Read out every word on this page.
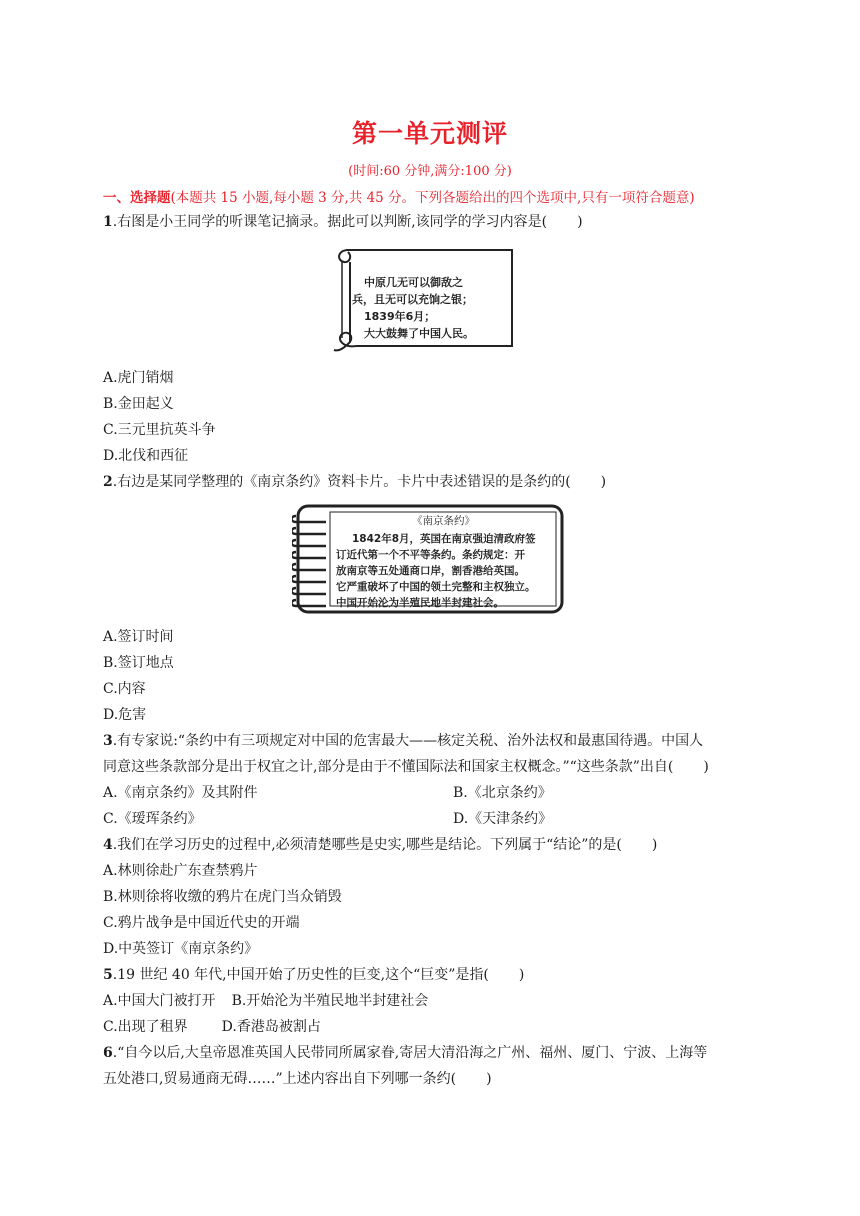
第一单元测评
(时间:60 分钟,满分:100 分)
一、选择题(本题共 15 小题,每小题 3 分,共 45 分。下列各题给出的四个选项中,只有一项符合题意)
1.右图是小王同学的听课笔记摘录。据此可以判断,该同学的学习内容是( )
中原几无可以御敌之
兵，且无可以充饷之银；
1839年6月；
大大鼓舞了中国人民。
A.虎门销烟
B.金田起义
C.三元里抗英斗争
D.北伐和西征
2.右边是某同学整理的《南京条约》资料卡片。卡片中表述错误的是条约的( )
《南京条约》
1842年8月，英国在南京强迫清政府签
订近代第一个不平等条约。条约规定：开
放南京等五处通商口岸，割香港给英国。
它严重破坏了中国的领土完整和主权独立。
中国开始沦为半殖民地半封建社会。
A.签订时间
B.签订地点
C.内容
D.危害
3.有专家说:“条约中有三项规定对中国的危害最大——核定关税、治外法权和最惠国待遇。中国人
同意这些条款部分是出于权宜之计,部分是由于不懂国际法和国家主权概念。”“这些条款”出自( )
A.《南京条约》及其附件	B.《北京条约》
C.《瑷珲条约》	D.《天津条约》
4.我们在学习历史的过程中,必须清楚哪些是史实,哪些是结论。下列属于“结论”的是( )
A.林则徐赴广东查禁鸦片
B.林则徐将收缴的鸦片在虎门当众销毁
C.鸦片战争是中国近代史的开端
D.中英签订《南京条约》
5.19 世纪 40 年代,中国开始了历史性的巨变,这个“巨变”是指( )
A.中国大门被打开 B.开始沦为半殖民地半封建社会
C.出现了租界 D.香港岛被割占
6.“自今以后,大皇帝恩准英国人民带同所属家眷,寄居大清沿海之广州、福州、厦门、宁波、上海等
五处港口,贸易通商无碍……”上述内容出自下列哪一条约( )
